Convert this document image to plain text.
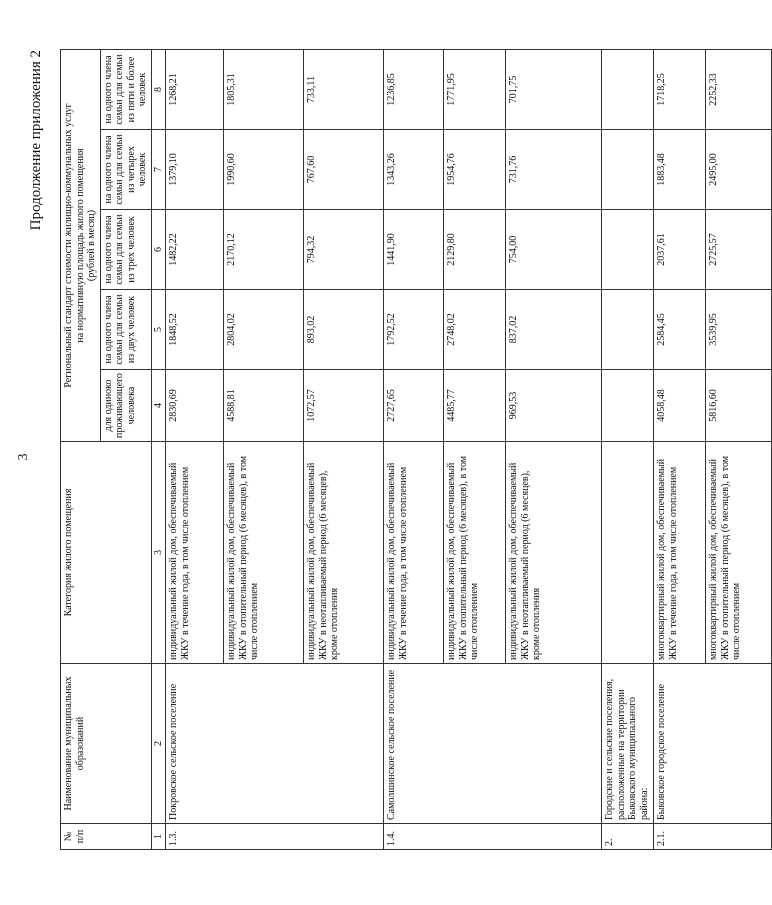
3
Продолжение приложения 2
№ п/п	Наименование муниципальных образований	Категория жилого помещения	Региональный стандарт стоимости жилищно-коммунальных услуг на нормативную площадь жилого помещения (рублей в месяц)				

			для одиноко проживающего человека	на одного члена семьи для семьи из двух человек	на одного члена семьи для семьи из трех человек	на одного члена семьи для семьи из четырех человек	на одного члена семьи для семьи из пяти и более человек
1	2	3	4	5	6	7	8
1.3.	Покровское сельское поселение	индивидуальный жилой дом, обеспечиваемый ЖКУ в течение года, в том числе отоплением	2830,69	1848,52	1482,22	1379,10	1268,21
		индивидуальный жилой дом, обеспечиваемый ЖКУ в отопительный период (6 месяцев), в том числе отоплением	4588,81	2804,02	2170,12	1990,60	1805,31
		индивидуальный жилой дом, обеспечиваемый ЖКУ в неотапливаемый период (6 месяцев), кроме отопления	1072,57	893,02	794,32	767,60	733,11
1.4.	Самолшинское сельское поселение	индивидуальный жилой дом, обеспечиваемый ЖКУ в течение года, в том числе отоплением	2727,65	1792,52	1441,90	1343,26	1236,85
		индивидуальный жилой дом, обеспечиваемый ЖКУ в отопительный период (6 месяцев), в том числе отоплением	4485,77	2748,02	2129,80	1954,76	1771,95
		индивидуальный жилой дом, обеспечиваемый ЖКУ в неотапливаемый период (6 месяцев), кроме отопления	969,53	837,02	754,00	731,76	701,75
2.	Городские и сельские поселения, расположенные на территории Быковского муниципального района:						
2.1.	Быковское городское поселение	многоквартирный жилой дом, обеспечиваемый ЖКУ в течение года, в том числе отоплением	4058,48	2584,45	2037,61	1883,48	1718,25
		многоквартирный жилой дом, обеспечиваемый ЖКУ в отопительный период (6 месяцев), в том числе отоплением	5816,60	3539,95	2725,57	2495,00	2252,33
